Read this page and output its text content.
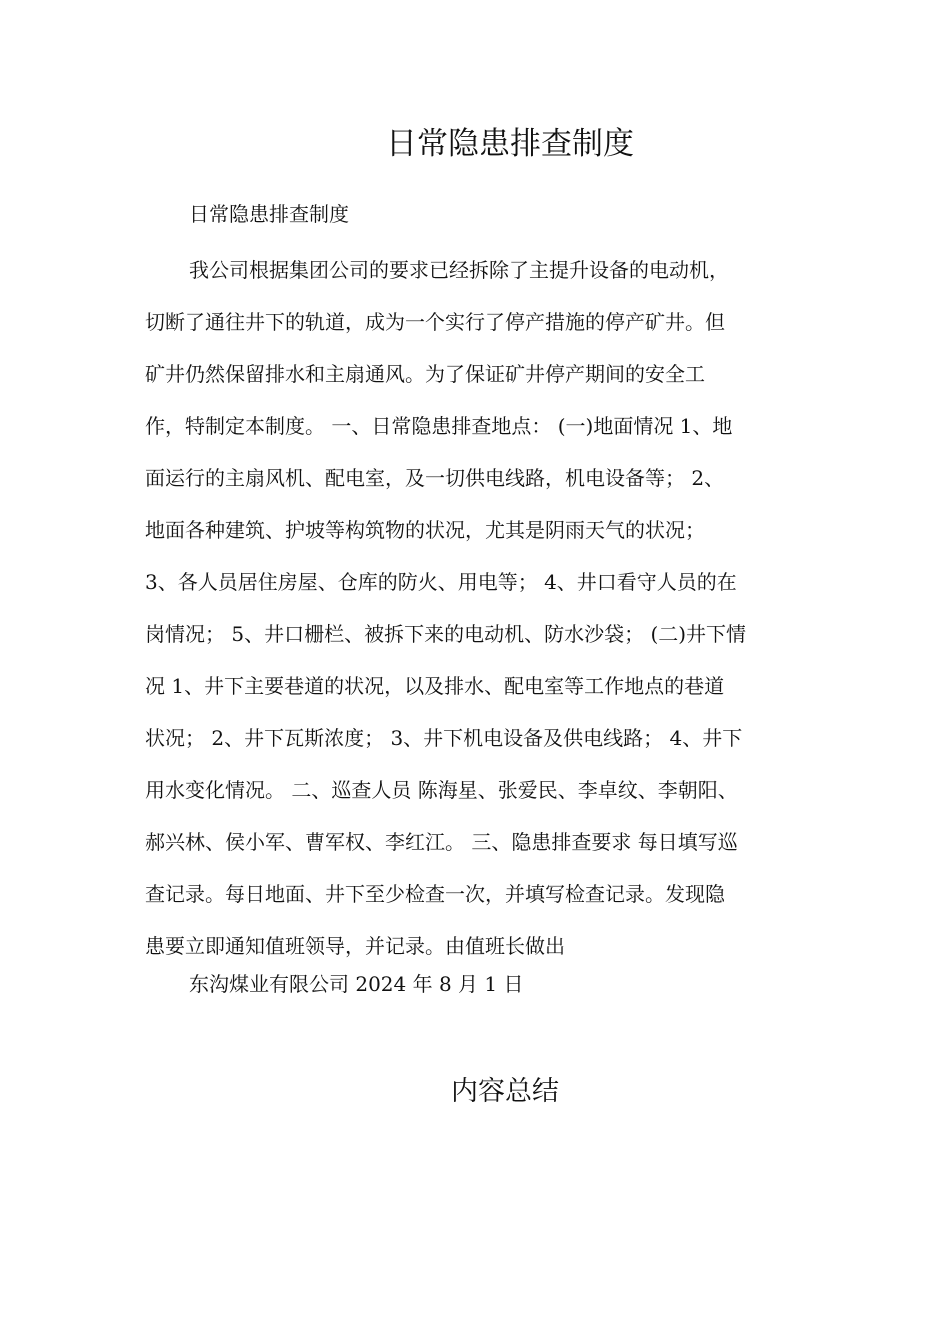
日常隐患排查制度

日常隐患排查制度

我公司根据集团公司的要求已经拆除了主提升设备的电动机，
切断了通往井下的轨道，成为一个实行了停产措施的停产矿井。但
矿井仍然保留排水和主扇通风。为了保证矿井停产期间的安全工
作，特制定本制度。 一、日常隐患排查地点： (一)地面情况 1、地
面运行的主扇风机、配电室，及一切供电线路，机电设备等； 2、
地面各种建筑、护坡等构筑物的状况，尤其是阴雨天气的状况；
3、各人员居住房屋、仓库的防火、用电等； 4、井口看守人员的在
岗情况； 5、井口栅栏、被拆下来的电动机、防水沙袋； (二)井下情
况 1、井下主要巷道的状况，以及排水、配电室等工作地点的巷道
状况； 2、井下瓦斯浓度； 3、井下机电设备及供电线路； 4、井下
用水变化情况。 二、巡查人员 陈海星、张爱民、李卓纹、李朝阳、
郝兴林、侯小军、曹军权、李红江。 三、隐患排查要求 每日填写巡
查记录。每日地面、井下至少检查一次，并填写检查记录。发现隐
患要立即通知值班领导，并记录。由值班长做出

东沟煤业有限公司 2024 年 8 月 1 日

内容总结
